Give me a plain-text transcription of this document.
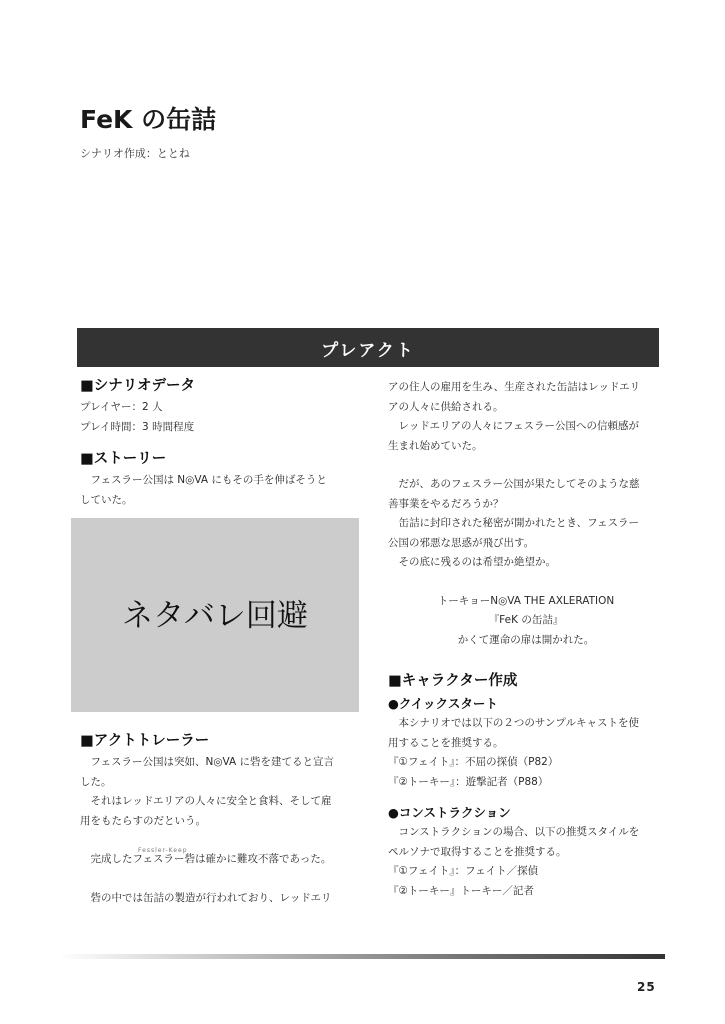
FeK の缶詰
シナリオ作成：ととね
プレアクト
■シナリオデータ

プレイヤー：2 人

プレイ時間：3 時間程度

■ストーリー

　フェスラー公国は N◎VA にもその手を伸ばそうと

していた。

ネタバレ回避
■アクトトレーラー

　フェスラー公国は突如、N◎VA に砦を建てると宣言

した。

　それはレッドエリアの人々に安全と食料、そして雇

用をもたらすのだという。

　完成したフェスラー砦は確かに難攻不落であった。

　砦の中では缶詰の製造が行われており、レッドエリ

Fessler-Keep

アの住人の雇用を生み、生産された缶詰はレッドエリ

アの人々に供給される。

　レッドエリアの人々にフェスラー公国への信頼感が

生まれ始めていた。

　だが、あのフェスラー公国が果たしてそのような慈

善事業をやるだろうか？

　缶詰に封印された秘密が開かれたとき、フェスラー

公国の邪悪な思惑が飛び出す。

　その底に残るのは希望か絶望か。

トーキョーN◎VA THE AXLERATION

『FeK の缶詰』

かくて運命の扉は開かれた。

■キャラクター作成
●クイックスタート

　本シナリオでは以下の２つのサンプルキャストを使

用することを推奨する。

『①フェイト』：不屈の探偵（P82）

『②トーキー』：遊撃記者（P88）

●コンストラクション

　コンストラクションの場合、以下の推奨スタイルを

ペルソナで取得することを推奨する。

『①フェイト』：フェイト／探偵

『②トーキー』トーキー／記者

25
